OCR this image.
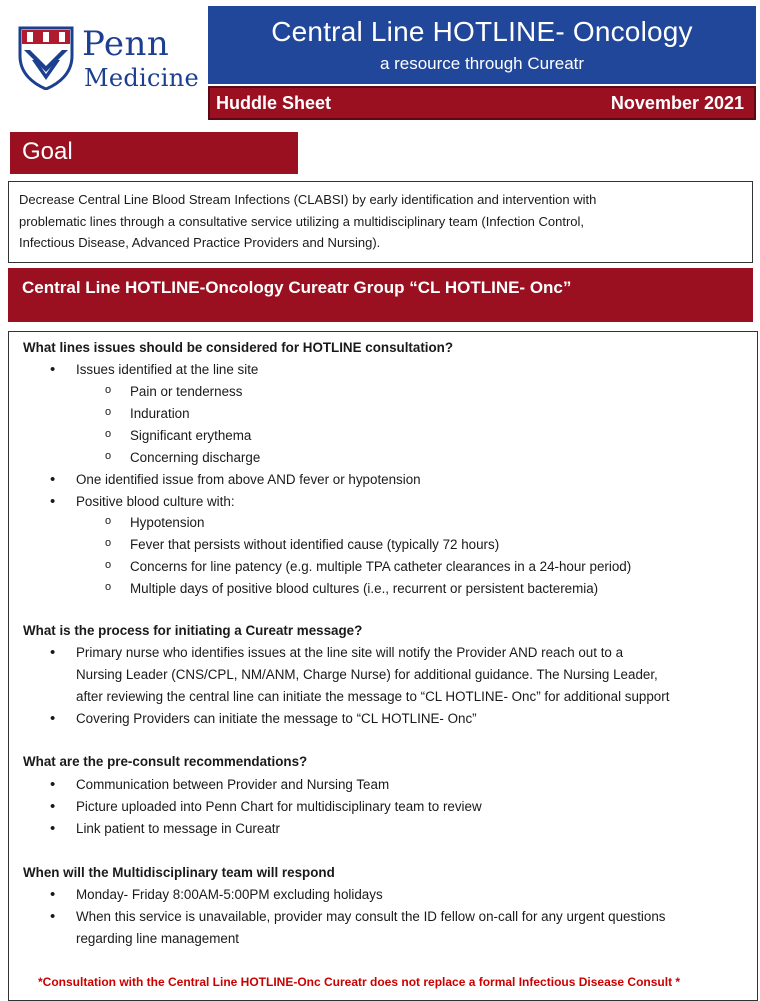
Penn
Medicine
Central Line HOTLINE- Oncology
a resource through Cureatr
Huddle Sheet	November 2021
Goal
Decrease Central Line Blood Stream Infections (CLABSI) by early identification and intervention with
problematic lines through a consultative service utilizing a multidisciplinary team (Infection Control,
Infectious Disease, Advanced Practice Providers and Nursing).
Central Line HOTLINE-Oncology Cureatr Group “CL HOTLINE- Onc”
What lines issues should be considered for HOTLINE consultation?
• Issues identified at the line site
o Pain or tenderness
o Induration
o Significant erythema
o Concerning discharge
• One identified issue from above AND fever or hypotension
• Positive blood culture with:
o Hypotension
o Fever that persists without identified cause (typically 72 hours)
o Concerns for line patency (e.g. multiple TPA catheter clearances in a 24-hour period)
o Multiple days of positive blood cultures (i.e., recurrent or persistent bacteremia)
What is the process for initiating a Cureatr message?
• Primary nurse who identifies issues at the line site will notify the Provider AND reach out to a
Nursing Leader (CNS/CPL, NM/ANM, Charge Nurse) for additional guidance. The Nursing Leader,
after reviewing the central line can initiate the message to “CL HOTLINE- Onc” for additional support
• Covering Providers can initiate the message to “CL HOTLINE- Onc”
What are the pre-consult recommendations?
• Communication between Provider and Nursing Team
• Picture uploaded into Penn Chart for multidisciplinary team to review
• Link patient to message in Cureatr
When will the Multidisciplinary team will respond
• Monday- Friday 8:00AM-5:00PM excluding holidays
• When this service is unavailable, provider may consult the ID fellow on-call for any urgent questions
regarding line management
*Consultation with the Central Line HOTLINE-Onc Cureatr does not replace a formal Infectious Disease Consult *
